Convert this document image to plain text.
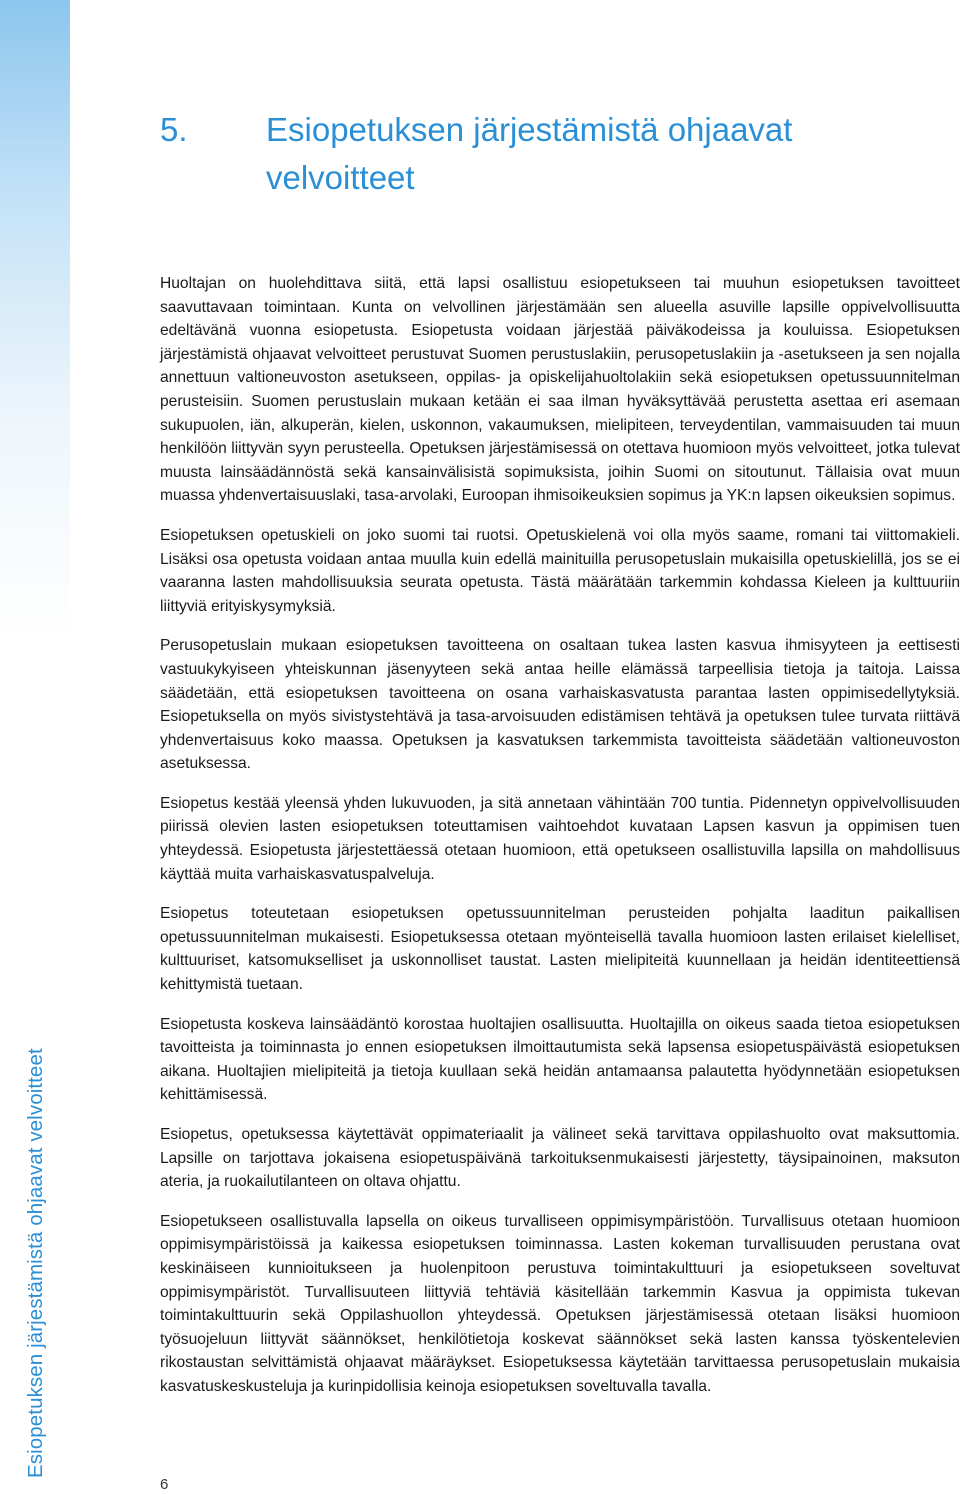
Esiopetuksen järjestämistä ohjaavat velvoitteet
5. Esiopetuksen järjestämistä ohjaavat velvoitteet

Huoltajan on huolehdittava siitä, että lapsi osallistuu esiopetukseen tai muuhun esiopetuksen tavoitteet saavuttavaan toimintaan. Kunta on velvollinen järjestämään sen alueella asuville lapsille oppivelvollisuutta edeltävänä vuonna esiopetusta. Esiopetusta voidaan järjestää päiväkodeissa ja kouluissa. Esiopetuksen järjestämistä ohjaavat velvoitteet perustuvat Suomen perustuslakiin, perusopetuslakiin ja -asetukseen ja sen nojalla annettuun valtioneuvoston asetukseen, oppilas- ja opiskelijahuoltolakiin sekä esiopetuksen opetussuunnitelman perusteisiin. Suomen perustuslain mukaan ketään ei saa ilman hyväksyttävää perustetta asettaa eri asemaan sukupuolen, iän, alkuperän, kielen, uskonnon, vakaumuksen, mielipiteen, terveydentilan, vammaisuuden tai muun henkilöön liittyvän syyn perusteella. Opetuksen järjestämisessä on otettava huomioon myös velvoitteet, jotka tulevat muusta lainsäädännöstä sekä kansainvälisistä sopimuksista, joihin Suomi on sitoutunut. Tällaisia ovat muun muassa yhdenvertaisuuslaki, tasa-arvolaki, Euroopan ihmisoikeuksien sopimus ja YK:n lapsen oikeuksien sopimus.

Esiopetuksen opetuskieli on joko suomi tai ruotsi. Opetuskielenä voi olla myös saame, romani tai viittomakieli. Lisäksi osa opetusta voidaan antaa muulla kuin edellä mainituilla perusopetuslain mukaisilla opetuskielillä, jos se ei vaaranna lasten mahdollisuuksia seurata opetusta. Tästä määrätään tarkemmin kohdassa Kieleen ja kulttuuriin liittyviä erityiskysymyksiä.

Perusopetuslain mukaan esiopetuksen tavoitteena on osaltaan tukea lasten kasvua ihmisyyteen ja eettisesti vastuukykyiseen yhteiskunnan jäsenyyteen sekä antaa heille elämässä tarpeellisia tietoja ja taitoja. Laissa säädetään, että esiopetuksen tavoitteena on osana varhaiskasvatusta parantaa lasten oppimisedellytyksiä. Esiopetuksella on myös sivistystehtävä ja tasa-arvoisuuden edistämisen tehtävä ja opetuksen tulee turvata riittävä yhdenvertaisuus koko maassa. Opetuksen ja kasvatuksen tarkemmista tavoitteista säädetään valtioneuvoston asetuksessa.

Esiopetus kestää yleensä yhden lukuvuoden, ja sitä annetaan vähintään 700 tuntia. Pidennetyn oppivelvollisuuden piirissä olevien lasten esiopetuksen toteuttamisen vaihtoehdot kuvataan Lapsen kasvun ja oppimisen tuen yhteydessä. Esiopetusta järjestettäessä otetaan huomioon, että opetukseen osallistuvilla lapsilla on mahdollisuus käyttää muita varhaiskasvatuspalveluja.

Esiopetus toteutetaan esiopetuksen opetussuunnitelman perusteiden pohjalta laaditun paikallisen opetussuunnitelman mukaisesti. Esiopetuksessa otetaan myönteisellä tavalla huomioon lasten erilaiset kielelliset, kulttuuriset, katsomukselliset ja uskonnolliset taustat. Lasten mielipiteitä kuunnellaan ja heidän identiteettiensä kehittymistä tuetaan.

Esiopetusta koskeva lainsäädäntö korostaa huoltajien osallisuutta. Huoltajilla on oikeus saada tietoa esiopetuksen tavoitteista ja toiminnasta jo ennen esiopetuksen ilmoittautumista sekä lapsensa esiopetuspäivästä esiopetuksen aikana. Huoltajien mielipiteitä ja tietoja kuullaan sekä heidän antamaansa palautetta hyödynnetään esiopetuksen kehittämisessä.

Esiopetus, opetuksessa käytettävät oppimateriaalit ja välineet sekä tarvittava oppilashuolto ovat maksuttomia. Lapsille on tarjottava jokaisena esiopetuspäivänä tarkoituksenmukaisesti järjestetty, täysipainoinen, maksuton ateria, ja ruokailutilanteen on oltava ohjattu.

Esiopetukseen osallistuvalla lapsella on oikeus turvalliseen oppimisympäristöön. Turvallisuus otetaan huomioon oppimisympäristöissä ja kaikessa esiopetuksen toiminnassa. Lasten kokeman turvallisuuden perustana ovat keskinäiseen kunnioitukseen ja huolenpitoon perustuva toimintakulttuuri ja esiopetukseen soveltuvat oppimisympäristöt. Turvallisuuteen liittyviä tehtäviä käsitellään tarkemmin Kasvua ja oppimista tukevan toimintakulttuurin sekä Oppilashuollon yhteydessä. Opetuksen järjestämisessä otetaan lisäksi huomioon työsuojeluun liittyvät säännökset, henkilötietoja koskevat säännökset sekä lasten kanssa työskentelevien rikostaustan selvittämistä ohjaavat määräykset. Esiopetuksessa käytetään tarvittaessa perusopetuslain mukaisia kasvatuskeskusteluja ja kurinpidollisia keinoja esiopetuksen soveltuvalla tavalla.

6
